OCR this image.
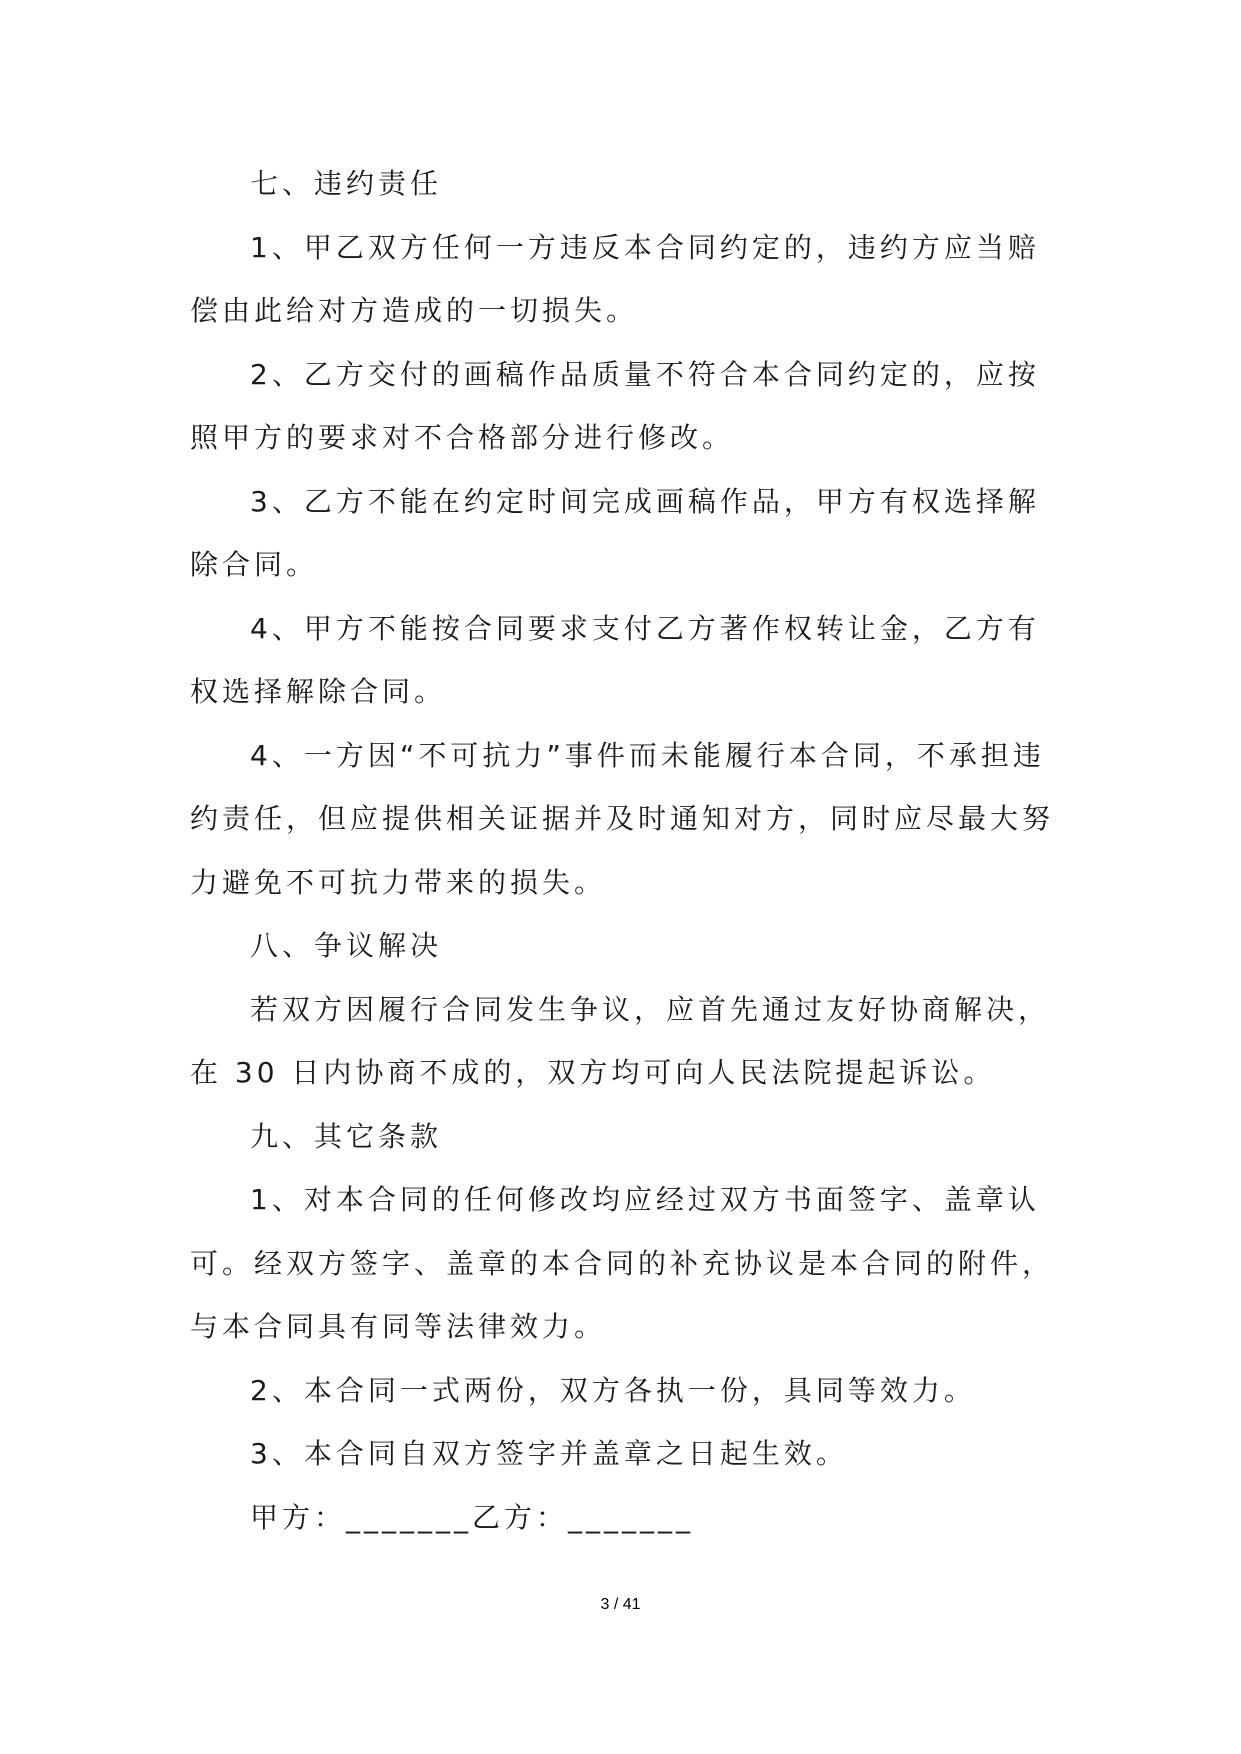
七、违约责任

1、甲乙双方任何一方违反本合同约定的，违约方应当赔偿由此给对方造成的一切损失。

2、乙方交付的画稿作品质量不符合本合同约定的，应按照甲方的要求对不合格部分进行修改。

3、乙方不能在约定时间完成画稿作品，甲方有权选择解除合同。

4、甲方不能按合同要求支付乙方著作权转让金，乙方有权选择解除合同。

4、一方因“不可抗力”事件而未能履行本合同，不承担违约责任，但应提供相关证据并及时通知对方，同时应尽最大努力避免不可抗力带来的损失。

八、争议解决

若双方因履行合同发生争议，应首先通过友好协商解决，在 30 日内协商不成的，双方均可向人民法院提起诉讼。

九、其它条款

1、对本合同的任何修改均应经过双方书面签字、盖章认可。经双方签字、盖章的本合同的补充协议是本合同的附件，与本合同具有同等法律效力。

2、本合同一式两份，双方各执一份，具同等效力。

3、本合同自双方签字并盖章之日起生效。

甲方：_______乙方：_______

3 / 41
